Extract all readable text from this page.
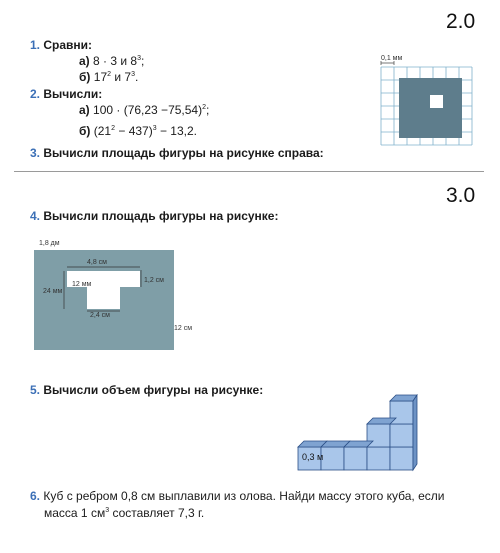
2.0
1. Сравни:
а) 8 · 3 и $8^3$;
б) $17^2$ и $7^3$.
2. Вычисли:
а) $100 \cdot (76,23 -75,54)^2$;
б) $(21^2 - 437)^3 - 13,2$.
3. Вычисли площадь фигуры на рисунке справа:
0,1 мм
3.0
4. Вычисли площадь фигуры на рисунке:
1,8 дм
4,8 см
1,2 см
24 мм
12 мм
2,4 см
12 см
5. Вычисли объем фигуры на рисунке:
0,3 м
6. Куб с ребром 0,8 см выплавили из олова. Найди массу этого куба, если
масса 1 $см^3$ составляет 7,3 г.
